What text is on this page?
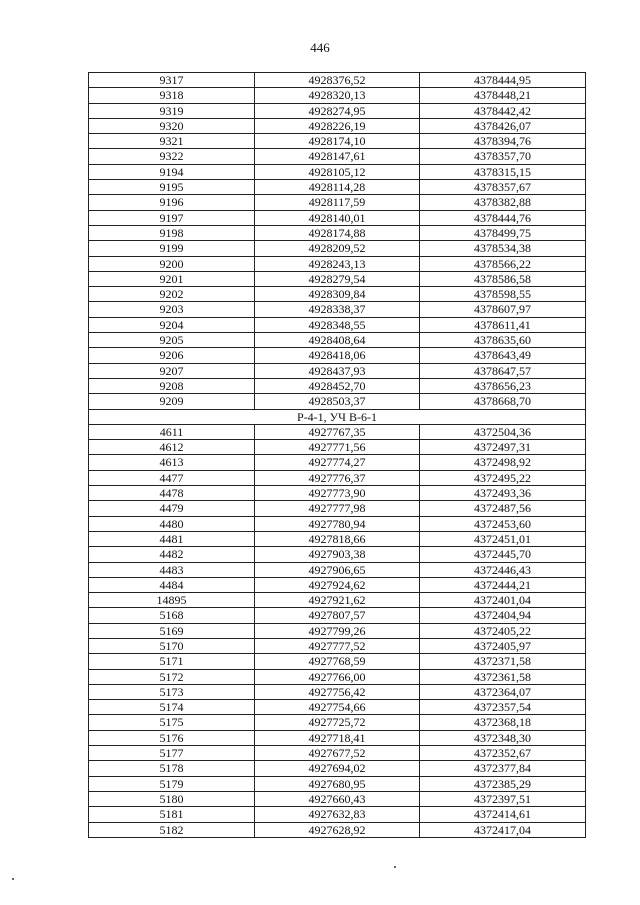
446
9317	4928376,52	4378444,95
9318	4928320,13	4378448,21
9319	4928274,95	4378442,42
9320	4928226,19	4378426,07
9321	4928174,10	4378394,76
9322	4928147,61	4378357,70
9194	4928105,12	4378315,15
9195	4928114,28	4378357,67
9196	4928117,59	4378382,88
9197	4928140,01	4378444,76
9198	4928174,88	4378499,75
9199	4928209,52	4378534,38
9200	4928243,13	4378566,22
9201	4928279,54	4378586,58
9202	4928309,84	4378598,55
9203	4928338,37	4378607,97
9204	4928348,55	4378611,41
9205	4928408,64	4378635,60
9206	4928418,06	4378643,49
9207	4928437,93	4378647,57
9208	4928452,70	4378656,23
9209	4928503,37	4378668,70
Р-4-1, УЧ В-6-1		
4611	4927767,35	4372504,36
4612	4927771,56	4372497,31
4613	4927774,27	4372498,92
4477	4927776,37	4372495,22
4478	4927773,90	4372493,36
4479	4927777,98	4372487,56
4480	4927780,94	4372453,60
4481	4927818,66	4372451,01
4482	4927903,38	4372445,70
4483	4927906,65	4372446,43
4484	4927924,62	4372444,21
14895	4927921,62	4372401,04
5168	4927807,57	4372404,94
5169	4927799,26	4372405,22
5170	4927777,52	4372405,97
5171	4927768,59	4372371,58
5172	4927766,00	4372361,58
5173	4927756,42	4372364,07
5174	4927754,66	4372357,54
5175	4927725,72	4372368,18
5176	4927718,41	4372348,30
5177	4927677,52	4372352,67
5178	4927694,02	4372377,84
5179	4927680,95	4372385,29
5180	4927660,43	4372397,51
5181	4927632,83	4372414,61
5182	4927628,92	4372417,04
